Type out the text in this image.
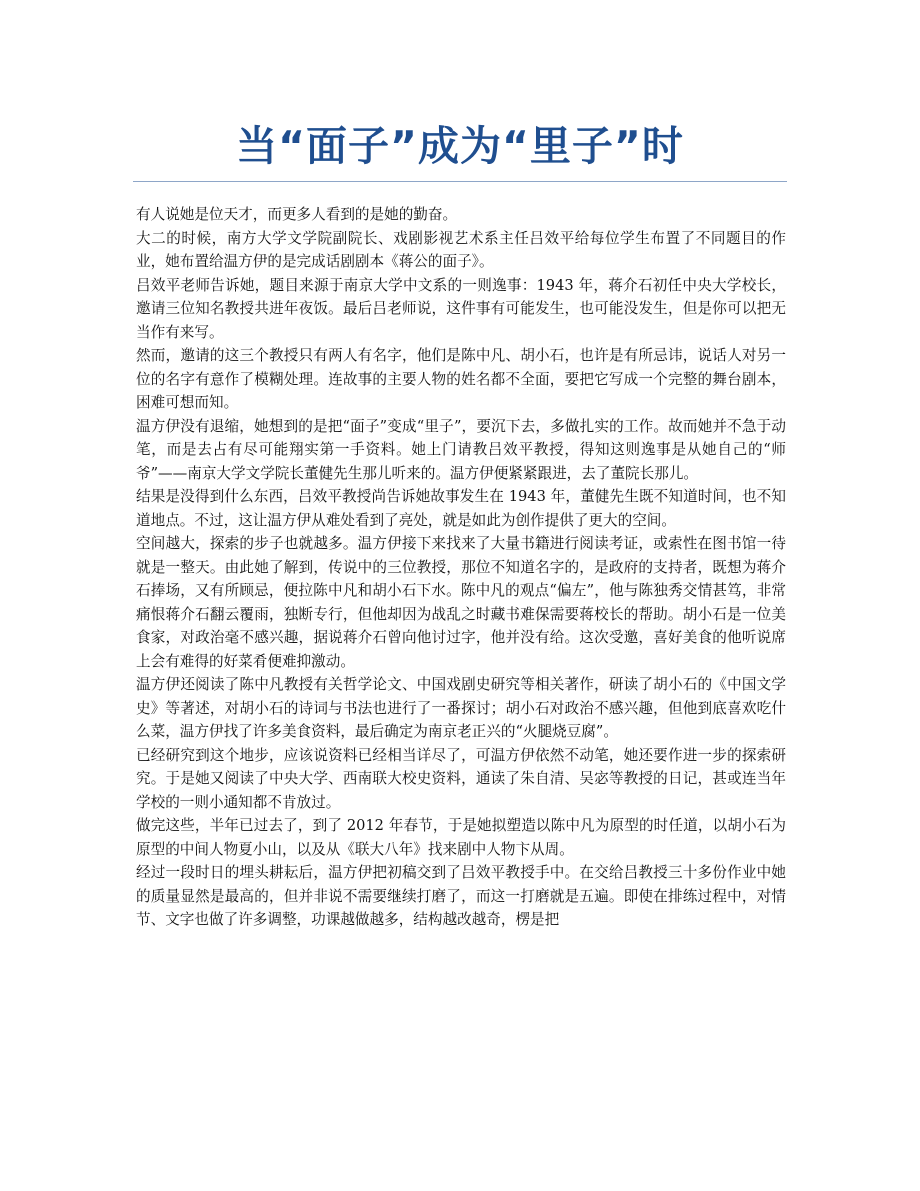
当“面子”成为“里子”时

有人说她是位天才，而更多人看到的是她的勤奋。

大二的时候，南方大学文学院副院长、戏剧影视艺术系主任吕效平给每位学生布置了不同题目的作业，她布置给温方伊的是完成话剧剧本《蒋公的面子》。

吕效平老师告诉她，题目来源于南京大学中文系的一则逸事：1943 年，蒋介石初任中央大学校长，邀请三位知名教授共进年夜饭。最后吕老师说，这件事有可能发生，也可能没发生，但是你可以把无当作有来写。

然而，邀请的这三个教授只有两人有名字，他们是陈中凡、胡小石，也许是有所忌讳，说话人对另一位的名字有意作了模糊处理。连故事的主要人物的姓名都不全面，要把它写成一个完整的舞台剧本，困难可想而知。

温方伊没有退缩，她想到的是把“面子”变成“里子”，要沉下去，多做扎实的工作。故而她并不急于动笔，而是去占有尽可能翔实第一手资料。她上门请教吕效平教授，得知这则逸事是从她自己的“师爷”——南京大学文学院长董健先生那儿听来的。温方伊便紧紧跟进，去了董院长那儿。

结果是没得到什么东西，吕效平教授尚告诉她故事发生在 1943 年，董健先生既不知道时间，也不知道地点。不过，这让温方伊从难处看到了亮处，就是如此为创作提供了更大的空间。

空间越大，探索的步子也就越多。温方伊接下来找来了大量书籍进行阅读考证，或索性在图书馆一待就是一整天。由此她了解到，传说中的三位教授，那位不知道名字的，是政府的支持者，既想为蒋介石捧场，又有所顾忌，便拉陈中凡和胡小石下水。陈中凡的观点“偏左”，他与陈独秀交情甚笃，非常痛恨蒋介石翻云覆雨，独断专行，但他却因为战乱之时藏书难保需要蒋校长的帮助。胡小石是一位美食家，对政治毫不感兴趣，据说蒋介石曾向他讨过字，他并没有给。这次受邀，喜好美食的他听说席上会有难得的好菜肴便难抑激动。

温方伊还阅读了陈中凡教授有关哲学论文、中国戏剧史研究等相关著作，研读了胡小石的《中国文学史》等著述，对胡小石的诗词与书法也进行了一番探讨；胡小石对政治不感兴趣，但他到底喜欢吃什么菜，温方伊找了许多美食资料，最后确定为南京老正兴的“火腿烧豆腐”。

已经研究到这个地步，应该说资料已经相当详尽了，可温方伊依然不动笔，她还要作进一步的探索研究。于是她又阅读了中央大学、西南联大校史资料，通读了朱自清、吴宓等教授的日记，甚或连当年学校的一则小通知都不肯放过。

做完这些，半年已过去了，到了 2012 年春节，于是她拟塑造以陈中凡为原型的时任道，以胡小石为原型的中间人物夏小山，以及从《联大八年》找来剧中人物卞从周。

经过一段时日的埋头耕耘后，温方伊把初稿交到了吕效平教授手中。在交给吕教授三十多份作业中她的质量显然是最高的，但并非说不需要继续打磨了，而这一打磨就是五遍。即使在排练过程中，对情节、文字也做了许多调整，功课越做越多，结构越改越奇，楞是把
